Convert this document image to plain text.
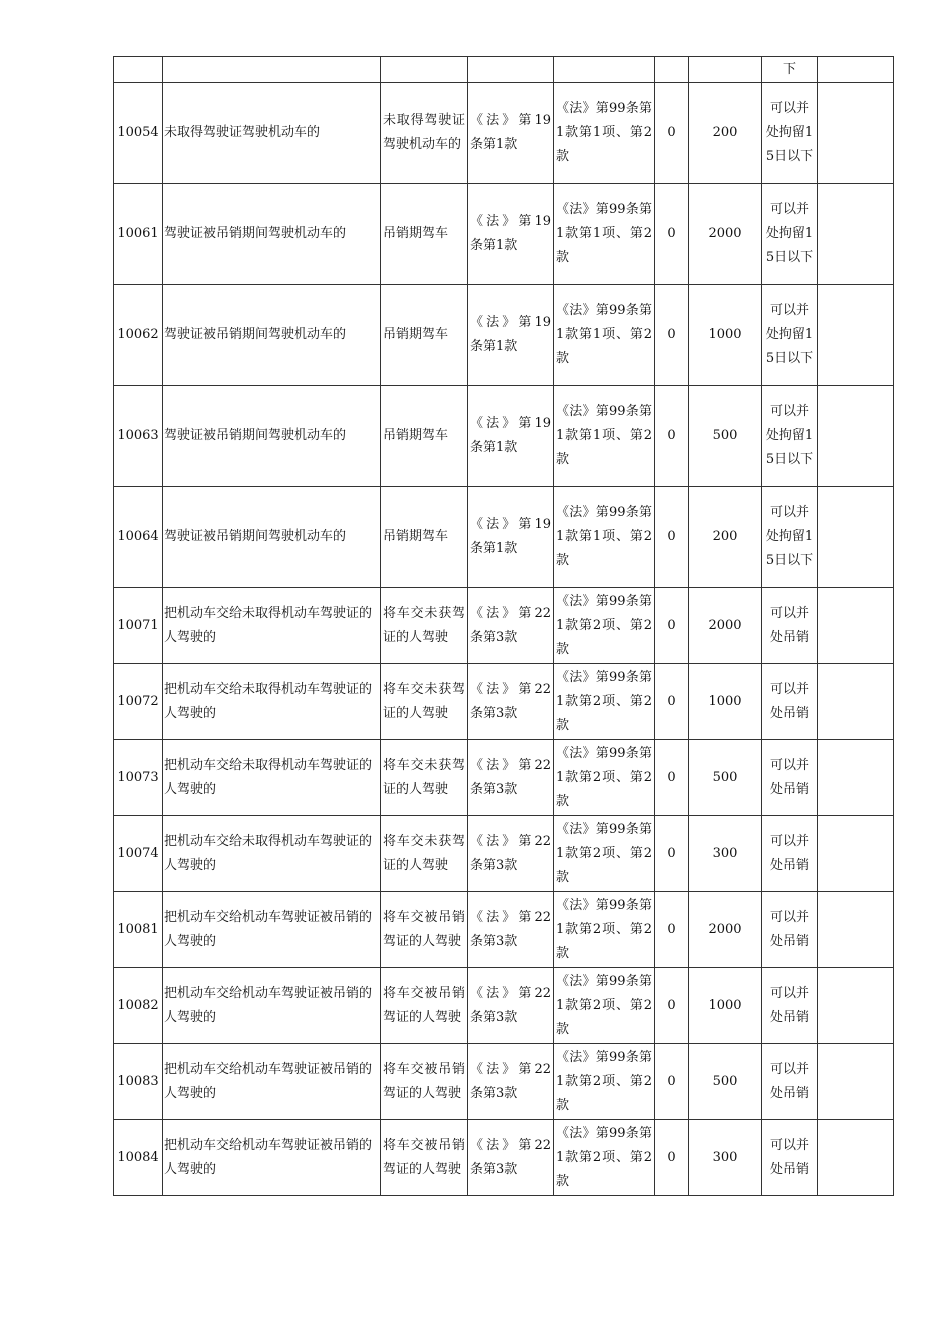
							下	
10054	未取得驾驶证驾驶机动车的	未取得驾驶证驾驶机动车的	《法》第19条第1款	《法》第99条第1款第1项、第2款	0	200	可以并处拘留15日以下	
10061	驾驶证被吊销期间驾驶机动车的	吊销期驾车	《法》第19条第1款	《法》第99条第1款第1项、第2款	0	2000	可以并处拘留15日以下	
10062	驾驶证被吊销期间驾驶机动车的	吊销期驾车	《法》第19条第1款	《法》第99条第1款第1项、第2款	0	1000	可以并处拘留15日以下	
10063	驾驶证被吊销期间驾驶机动车的	吊销期驾车	《法》第19条第1款	《法》第99条第1款第1项、第2款	0	500	可以并处拘留15日以下	
10064	驾驶证被吊销期间驾驶机动车的	吊销期驾车	《法》第19条第1款	《法》第99条第1款第1项、第2款	0	200	可以并处拘留15日以下	
10071	把机动车交给未取得机动车驾驶证的人驾驶的	将车交未获驾证的人驾驶	《法》第22条第3款	《法》第99条第1款第2项、第2款	0	2000	可以并处吊销	
10072	把机动车交给未取得机动车驾驶证的人驾驶的	将车交未获驾证的人驾驶	《法》第22条第3款	《法》第99条第1款第2项、第2款	0	1000	可以并处吊销	
10073	把机动车交给未取得机动车驾驶证的人驾驶的	将车交未获驾证的人驾驶	《法》第22条第3款	《法》第99条第1款第2项、第2款	0	500	可以并处吊销	
10074	把机动车交给未取得机动车驾驶证的人驾驶的	将车交未获驾证的人驾驶	《法》第22条第3款	《法》第99条第1款第2项、第2款	0	300	可以并处吊销	
10081	把机动车交给机动车驾驶证被吊销的人驾驶的	将车交被吊销驾证的人驾驶	《法》第22条第3款	《法》第99条第1款第2项、第2款	0	2000	可以并处吊销	
10082	把机动车交给机动车驾驶证被吊销的人驾驶的	将车交被吊销驾证的人驾驶	《法》第22条第3款	《法》第99条第1款第2项、第2款	0	1000	可以并处吊销	
10083	把机动车交给机动车驾驶证被吊销的人驾驶的	将车交被吊销驾证的人驾驶	《法》第22条第3款	《法》第99条第1款第2项、第2款	0	500	可以并处吊销	
10084	把机动车交给机动车驾驶证被吊销的人驾驶的	将车交被吊销驾证的人驾驶	《法》第22条第3款	《法》第99条第1款第2项、第2款	0	300	可以并处吊销	
